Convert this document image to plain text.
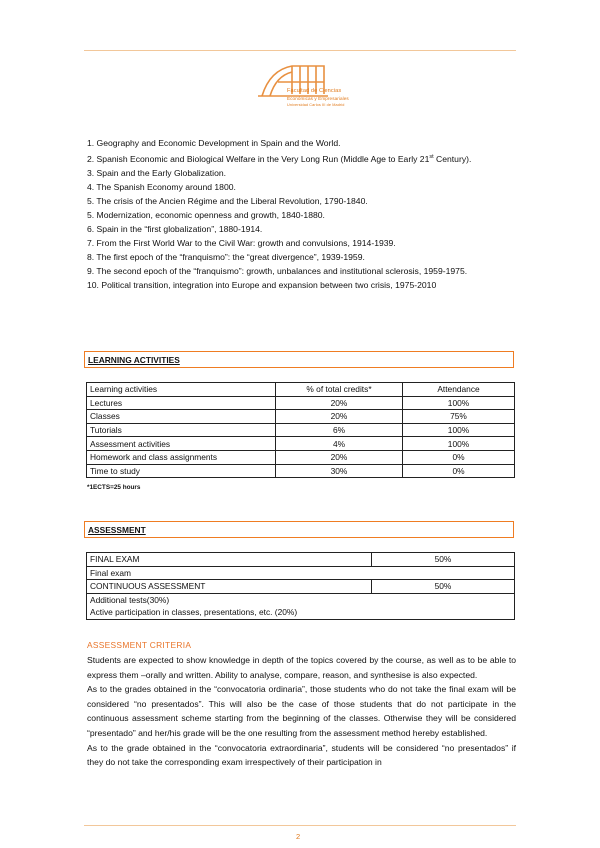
Facultad de Ciencias
Económicas y Empresariales
Universidad Carlos III de Madrid
1. Geography and Economic Development in Spain and the World.
2. Spanish Economic and Biological Welfare in the Very Long Run (Middle Age to Early 21st Century).
3. Spain and the Early Globalization.
4. The Spanish Economy around 1800.
5. The crisis of the Ancien Régime and the Liberal Revolution, 1790-1840.
5. Modernization, economic openness and growth, 1840-1880.
6. Spain in the “first globalization”, 1880-1914.
7. From the First World War to the Civil War: growth and convulsions, 1914-1939.
8. The first epoch of the “franquismo”: the “great divergence”, 1939-1959.
9. The second epoch of the “franquismo”: growth, unbalances and institutional sclerosis, 1959-1975.
10. Political transition, integration into Europe and expansion between two crisis, 1975-2010
LEARNING ACTIVITIES
Learning activities	% of total credits*	Attendance
Lectures	20%	100%
Classes	20%	75%
Tutorials	6%	100%
Assessment activities	4%	100%
Homework and class assignments	20%	0%
Time to study	30%	0%
*1ECTS=25 hours
ASSESSMENT
FINAL EXAM	50%
Final exam	
CONTINUOUS ASSESSMENT	50%

Additional tests(30%)
Active participation in classes, presentations, etc. (20%)	
ASSESSMENT CRITERIA

Students are expected to show knowledge in depth of the topics covered by the course, as well as to be able to express them –orally and written. Ability to analyse, compare, reason, and synthesise is also expected.

As to the grades obtained in the “convocatoria ordinaria”, those students who do not take the final exam will be considered “no presentados”. This will also be the case of those students that do not participate in the continuous assessment scheme starting from the beginning of the classes. Otherwise they will be considered “presentado” and her/his grade will be the one resulting from the assessment method hereby established.

As to the grade obtained in the “convocatoria extraordinaria”, students will be considered “no presentados” if they do not take the corresponding exam irrespectively of their participation in

2
